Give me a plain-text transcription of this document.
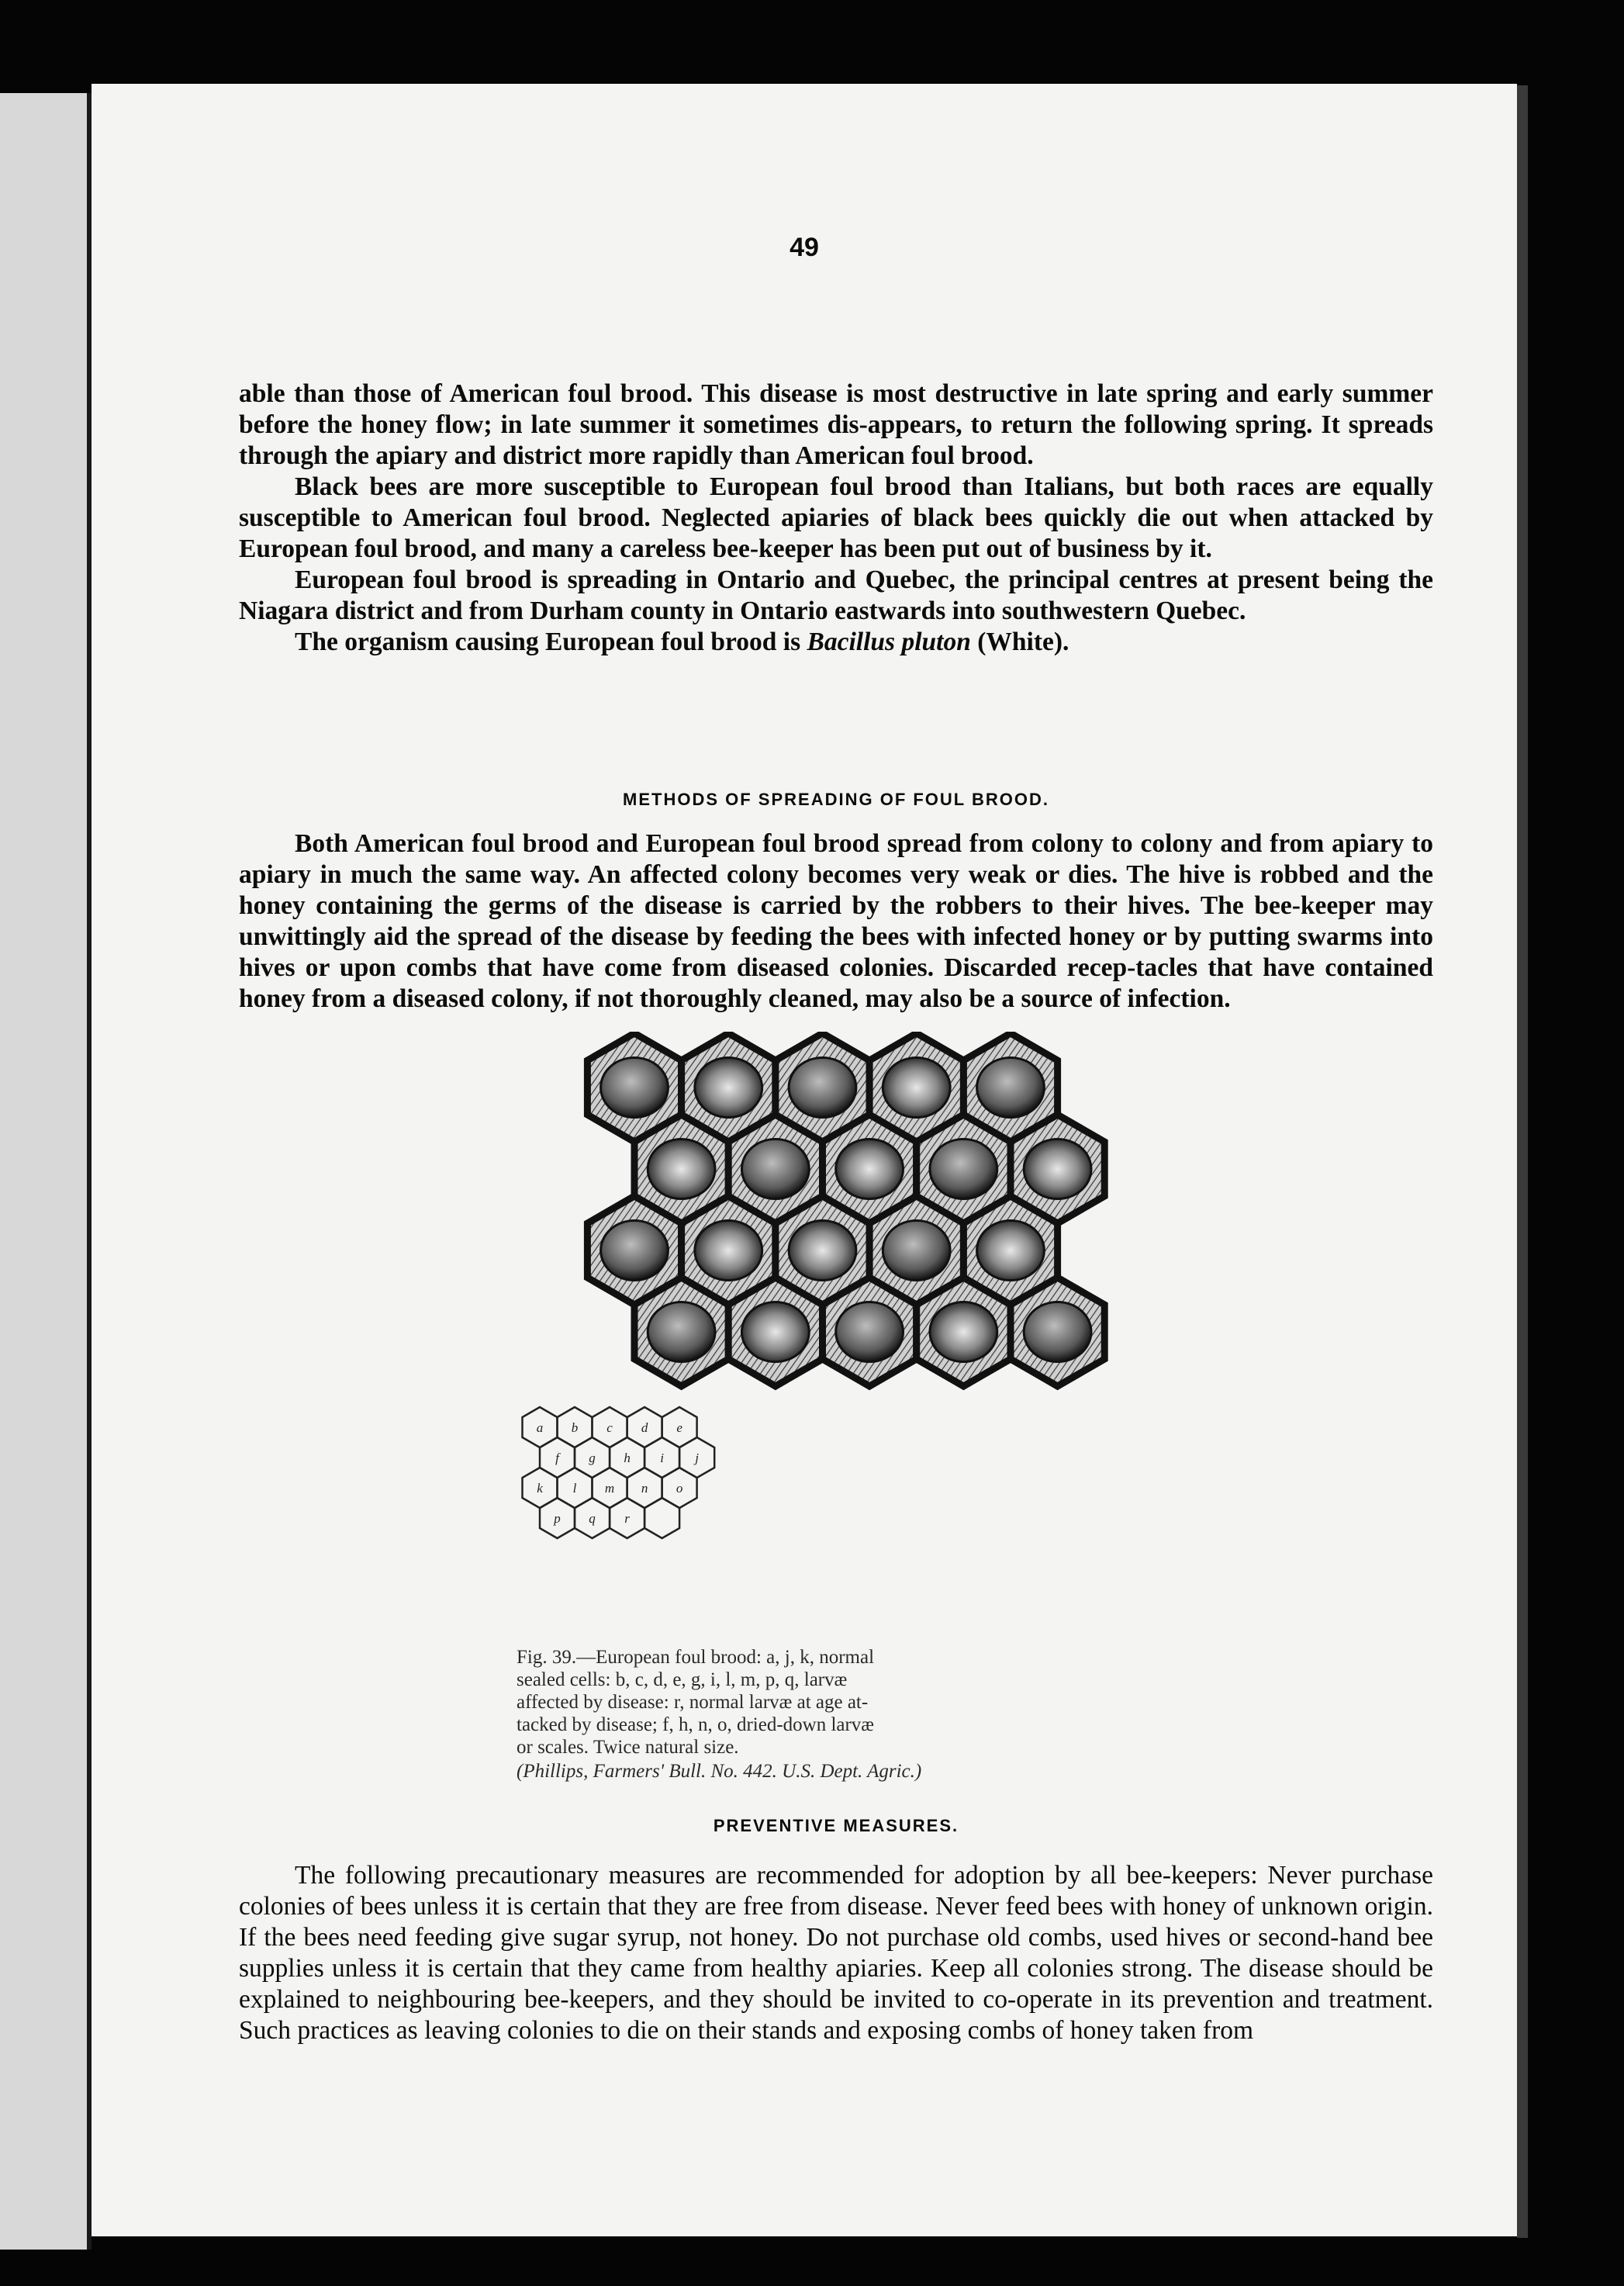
49

able than those of American foul brood. This disease is most destructive in late spring and early summer before the honey flow; in late summer it sometimes dis-appears, to return the following spring. It spreads through the apiary and district more rapidly than American foul brood.

Black bees are more susceptible to European foul brood than Italians, but both races are equally susceptible to American foul brood. Neglected apiaries of black bees quickly die out when attacked by European foul brood, and many a careless bee-keeper has been put out of business by it.

European foul brood is spreading in Ontario and Quebec, the principal centres at present being the Niagara district and from Durham county in Ontario eastwards into southwestern Quebec.

The organism causing European foul brood is Bacillus pluton (White).

METHODS OF SPREADING OF FOUL BROOD.

Both American foul brood and European foul brood spread from colony to colony and from apiary to apiary in much the same way. An affected colony becomes very weak or dies. The hive is robbed and the honey containing the germs of the disease is carried by the robbers to their hives. The bee-keeper may unwittingly aid the spread of the disease by feeding the bees with infected honey or by putting swarms into hives or upon combs that have come from diseased colonies. Discarded recep-tacles that have contained honey from a diseased colony, if not thoroughly cleaned, may also be a source of infection.

a b c d e
f g h i j
k l m n o
p q r
Fig. 39.—European foul brood: a, j, k, normal
sealed cells: b, c, d, e, g, i, l, m, p, q, larvæ
affected by disease: r, normal larvæ at age at-
tacked by disease; f, h, n, o, dried-down larvæ
or scales. Twice natural size.
(Phillips, Farmers' Bull. No. 442. U.S. Dept. Agric.)
PREVENTIVE MEASURES.

The following precautionary measures are recommended for adoption by all bee-keepers: Never purchase colonies of bees unless it is certain that they are free from disease. Never feed bees with honey of unknown origin. If the bees need feeding give sugar syrup, not honey. Do not purchase old combs, used hives or second-hand bee supplies unless it is certain that they came from healthy apiaries. Keep all colonies strong. The disease should be explained to neighbouring bee-keepers, and they should be invited to co-operate in its prevention and treatment. Such practices as leaving colonies to die on their stands and exposing combs of honey taken from
